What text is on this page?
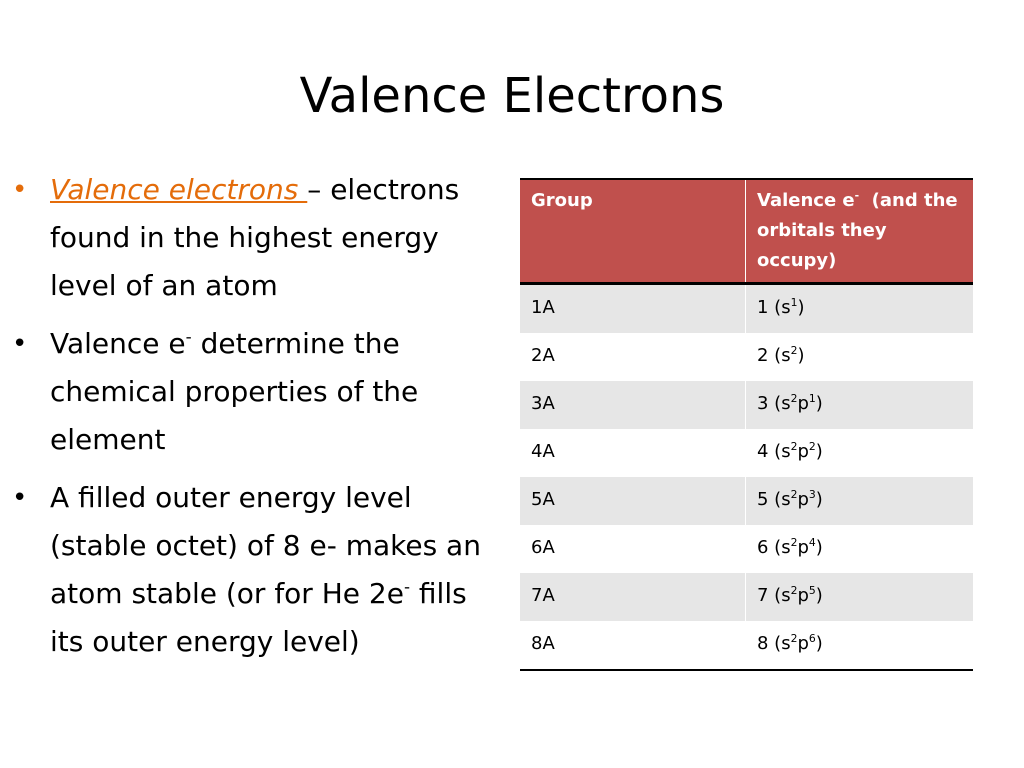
Valence Electrons
• Valence electrons – electrons found in the highest energy level of an atom
• Valence e- determine the chemical properties of the element
• A filled outer energy level (stable octet) of 8 e- makes an atom stable (or for He 2e- fills its outer energy level)
Group	Valence e- (and the orbitals they occupy)
1A	1 $(s^1)$
2A	2 $(s^2)$
3A	3 $(s^2p^1)$
4A	4 $(s^2p^2)$
5A	5 $(s^2p^3)$
6A	6 $(s^2p^4)$
7A	7 $(s^2p^5)$
8A	8 $(s^2p^6)$
